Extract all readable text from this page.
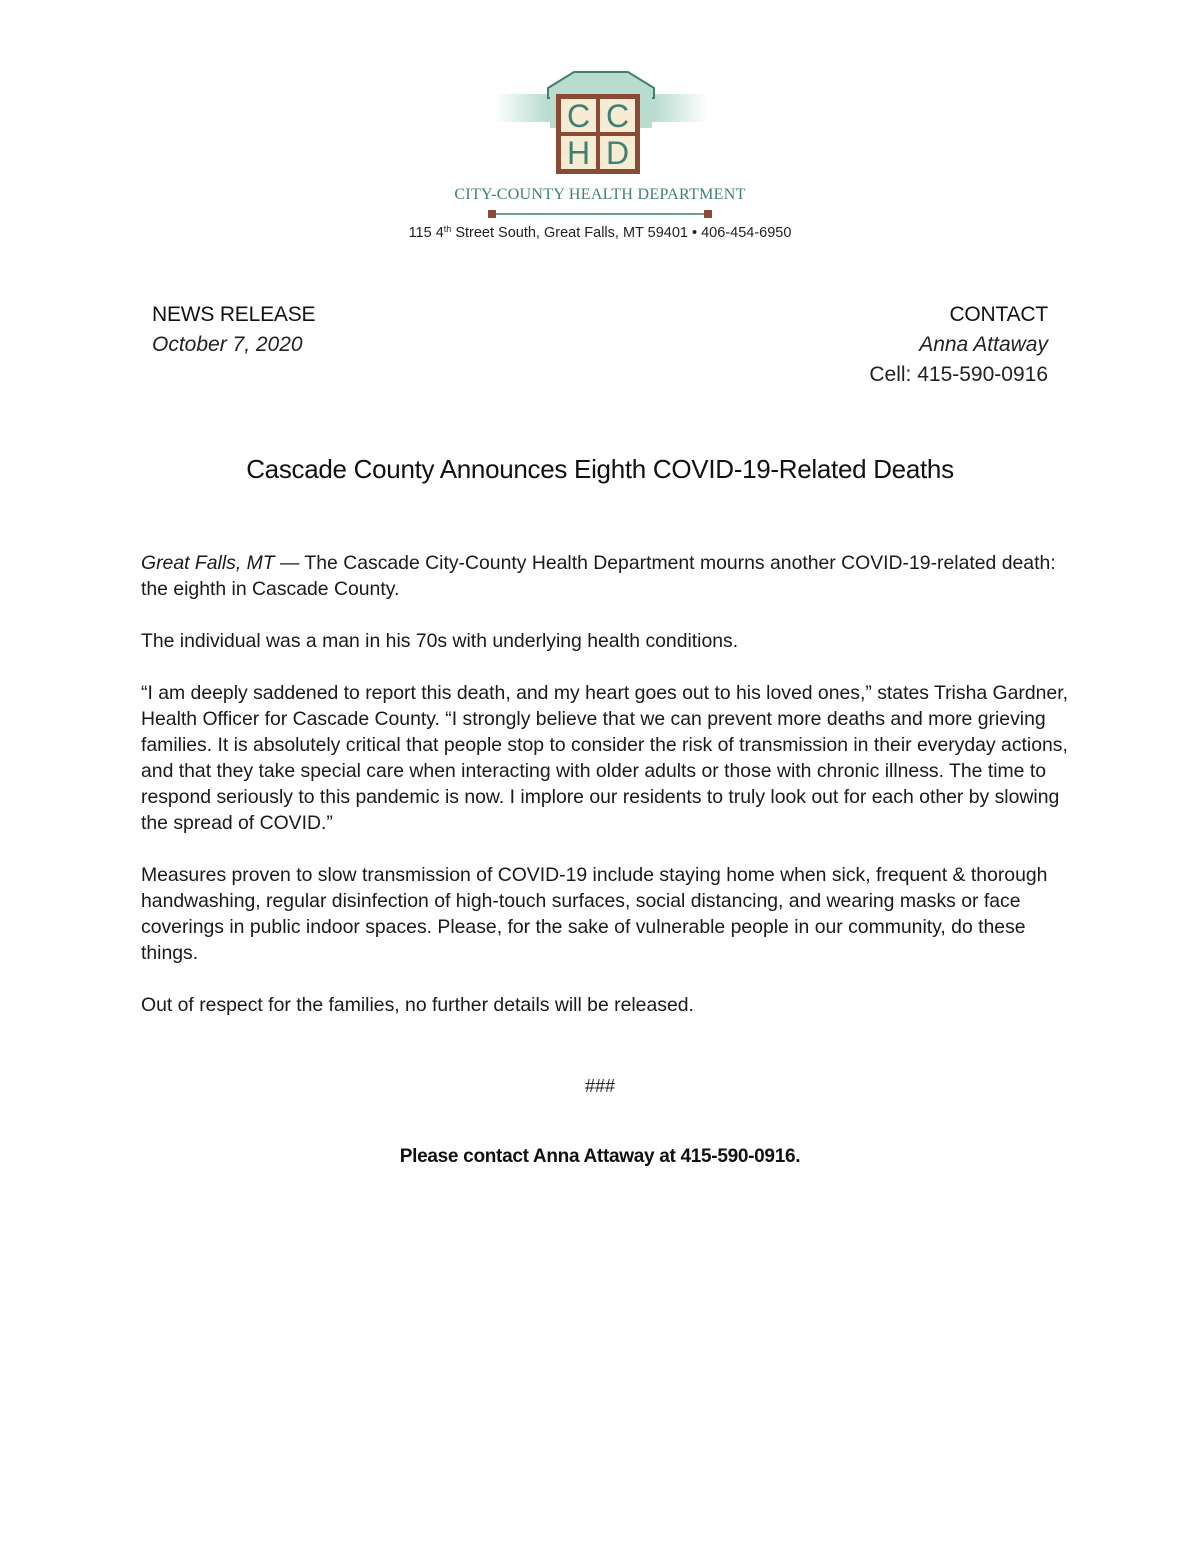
C C
H D
CITY-COUNTY HEALTH DEPARTMENT
115 4th Street South, Great Falls, MT 59401 • 406-454-6950
NEWS RELEASE
October 7, 2020
CONTACT
Anna Attaway
Cell: 415-590-0916
Cascade County Announces Eighth COVID-19-Related Deaths

Great Falls, MT — The Cascade City-County Health Department mourns another COVID-19-related death: the eighth in Cascade County.

The individual was a man in his 70s with underlying health conditions.

“I am deeply saddened to report this death, and my heart goes out to his loved ones,” states Trisha Gardner, Health Officer for Cascade County. “I strongly believe that we can prevent more deaths and more grieving families. It is absolutely critical that people stop to consider the risk of transmission in their everyday actions, and that they take special care when interacting with older adults or those with chronic illness. The time to respond seriously to this pandemic is now. I implore our residents to truly look out for each other by slowing the spread of COVID.”

Measures proven to slow transmission of COVID-19 include staying home when sick, frequent & thorough handwashing, regular disinfection of high-touch surfaces, social distancing, and wearing masks or face coverings in public indoor spaces. Please, for the sake of vulnerable people in our community, do these things.

Out of respect for the families, no further details will be released.

###
Please contact Anna Attaway at 415-590-0916.
